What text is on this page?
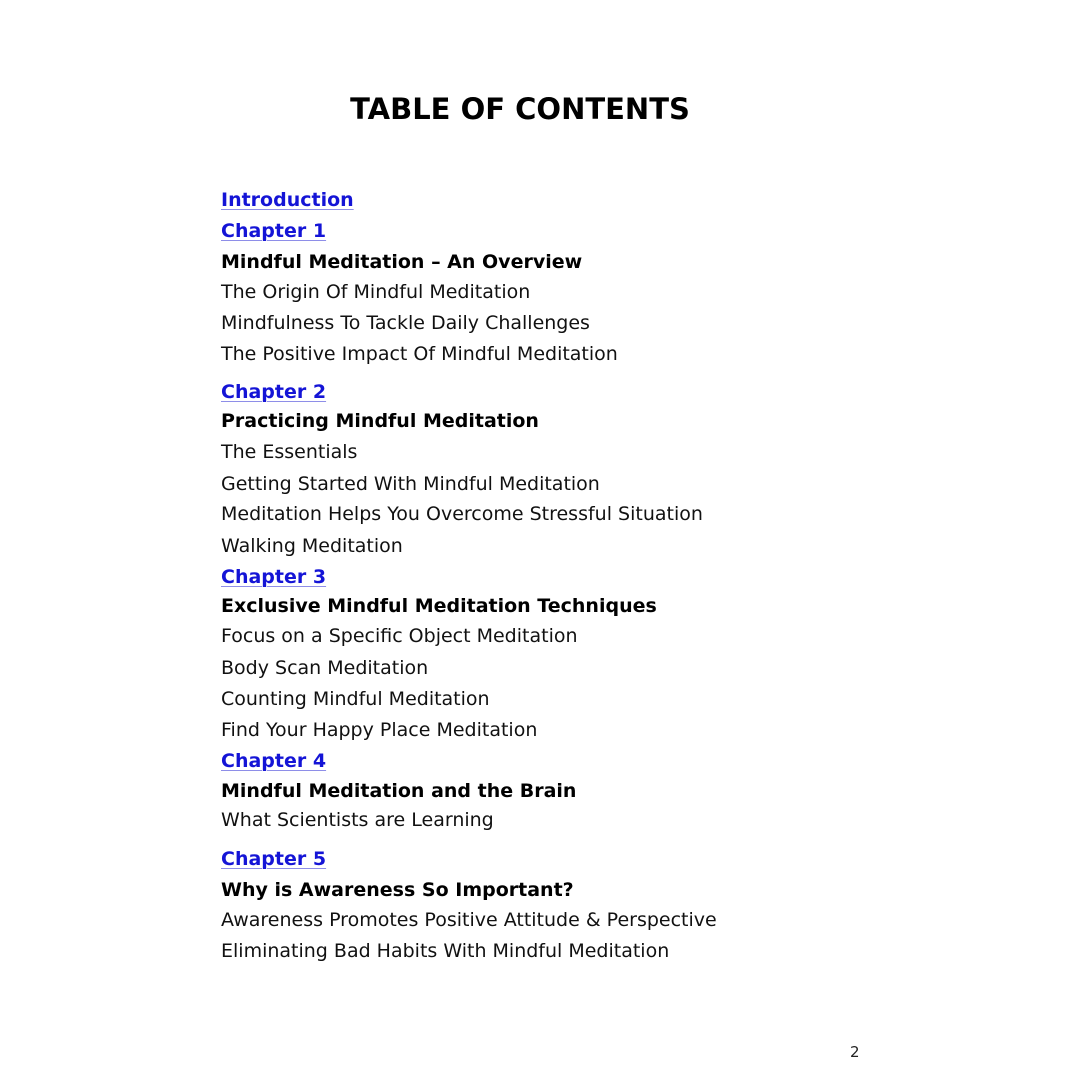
TABLE OF CONTENTS
Introduction
Chapter 1
Mindful Meditation – An Overview
The Origin Of Mindful Meditation
Mindfulness To Tackle Daily Challenges
The Positive Impact Of Mindful Meditation
Chapter 2
Practicing Mindful Meditation
The Essentials
Getting Started With Mindful Meditation
Meditation Helps You Overcome Stressful Situation
Walking Meditation
Chapter 3
Exclusive Mindful Meditation Techniques
Focus on a Specific Object Meditation
Body Scan Meditation
Counting Mindful Meditation
Find Your Happy Place Meditation
Chapter 4
Mindful Meditation and the Brain
What Scientists are Learning
Chapter 5
Why is Awareness So Important?
Awareness Promotes Positive Attitude & Perspective
Eliminating Bad Habits With Mindful Meditation
2
